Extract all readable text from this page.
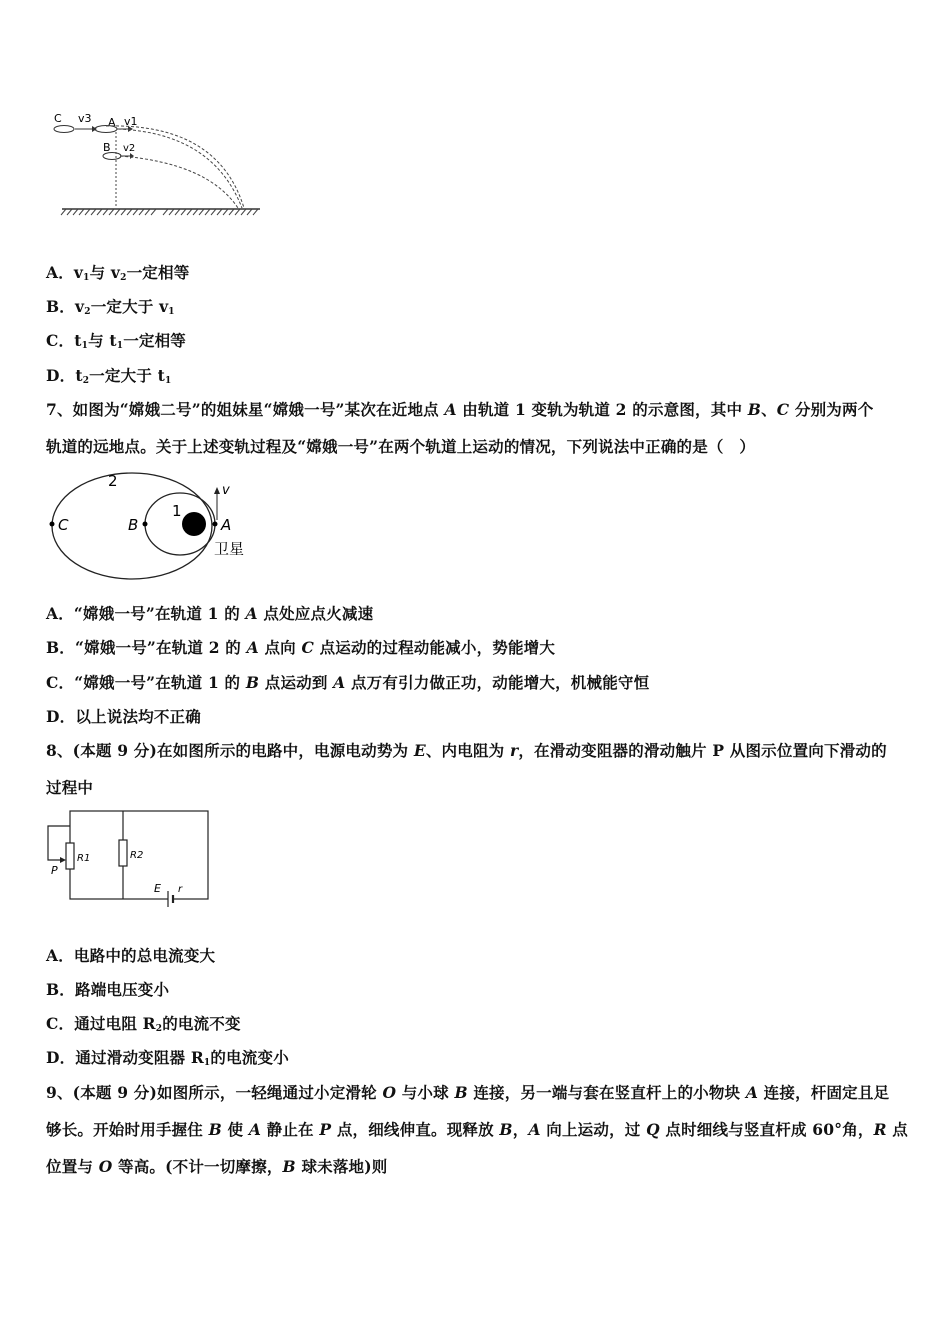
C v3 A v1
B v2
A．$v_1$与 $v_2$一定相等
B．$v_2$一定大于 $v_1$
C．$t_1$与 $t_1$一定相等
D．$t_2$一定大于 $t_1$
7、如图为“嫦娥二号”的姐妹星“嫦娥一号”某次在近地点 A 由轨道 1 变轨为轨道 2 的示意图，其中 B、C 分别为两个
轨道的远地点。关于上述变轨过程及“嫦娥一号”在两个轨道上运动的情况，下列说法中正确的是（　）
2
1
C	B	A
v
卫星
A．“嫦娥一号”在轨道 1 的 A 点处应点火减速
B．“嫦娥一号”在轨道 2 的 A 点向 C 点运动的过程动能减小，势能增大
C．“嫦娥一号”在轨道 1 的 B 点运动到 A 点万有引力做正功，动能增大，机械能守恒
D．以上说法均不正确
8、(本题 9 分)在如图所示的电路中，电源电动势为 E、内电阻为 r，在滑动变阻器的滑动触片 P 从图示位置向下滑动的
过程中
P
R1	R2
E r
A．电路中的总电流变大
B．路端电压变小
C．通过电阻 $R_2$的电流不变
D．通过滑动变阻器 $R_1$的电流变小
9、(本题 9 分)如图所示，一轻绳通过小定滑轮 O 与小球 B 连接，另一端与套在竖直杆上的小物块 A 连接，杆固定且足
够长。开始时用手握住 B 使 A 静止在 P 点，细线伸直。现释放 B，A 向上运动，过 Q 点时细线与竖直杆成 60°角，R 点
位置与 O 等高。(不计一切摩擦，B 球未落地)则
